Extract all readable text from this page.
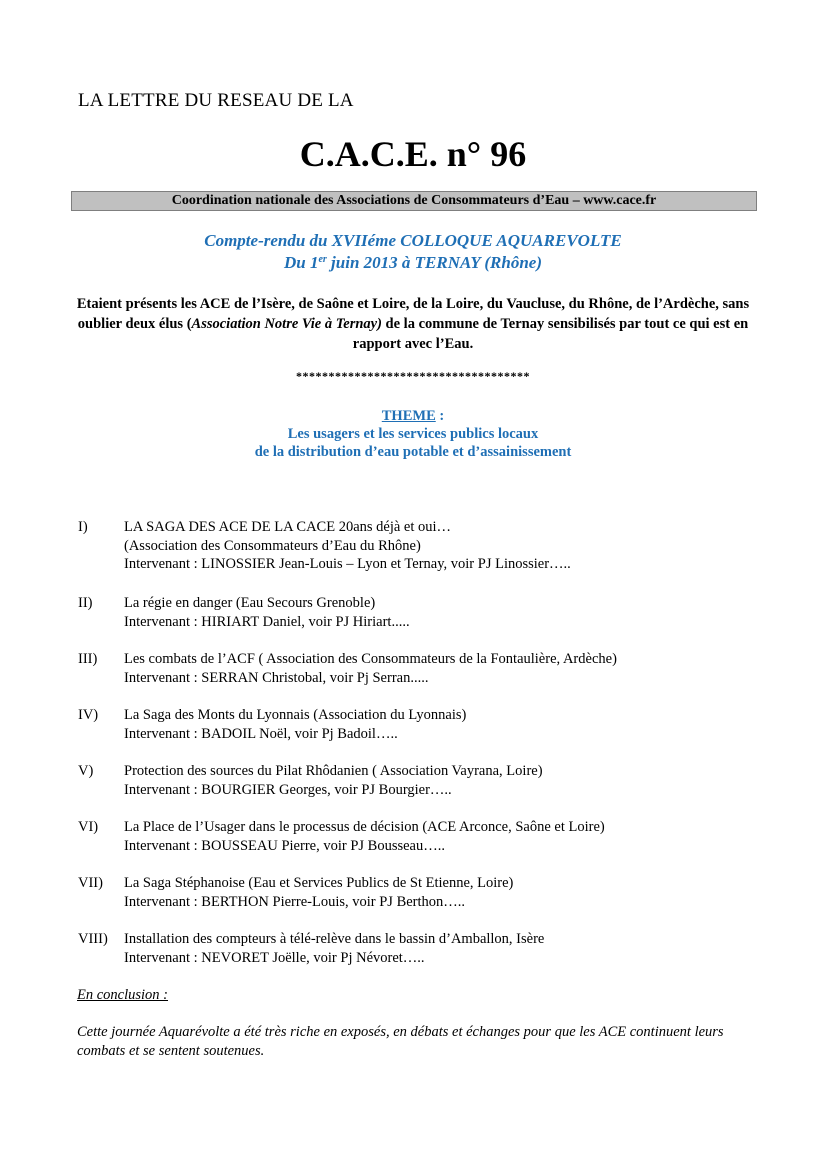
LA LETTRE DU RESEAU DE LA
C.A.C.E. n° 96
Coordination nationale des Associations de Consommateurs d’Eau – www.cace.fr
Compte-rendu du XVIIéme COLLOQUE AQUAREVOLTE
Du 1er juin 2013 à TERNAY (Rhône)
Etaient présents les ACE de l’Isère, de Saône et Loire, de la Loire, du Vaucluse, du Rhône, de l’Ardèche, sans oublier deux élus (Association Notre Vie à Ternay) de la commune de Ternay sensibilisés par tout ce qui est en rapport avec l’Eau.
************************************
THEME :
Les usagers et les services publics locaux
de la distribution d’eau potable et d’assainissement
I)	LA SAGA DES ACE DE LA CACE 20ans déjà et oui…
(Association des Consommateurs d’Eau du Rhône)
Intervenant : LINOSSIER Jean-Louis – Lyon et Ternay, voir PJ Linossier…..
II) La régie en danger (Eau Secours Grenoble)
Intervenant : HIRIART Daniel, voir PJ Hiriart.....
III) Les combats de l’ACF ( Association des Consommateurs de la Fontaulière, Ardèche)
Intervenant : SERRAN Christobal, voir Pj Serran.....
IV) La Saga des Monts du Lyonnais (Association du Lyonnais)
Intervenant : BADOIL Noël, voir Pj Badoil…..
V) Protection des sources du Pilat Rhôdanien ( Association Vayrana, Loire)
Intervenant : BOURGIER Georges, voir PJ Bourgier…..
VI) La Place de l’Usager dans le processus de décision (ACE Arconce, Saône et Loire)
Intervenant : BOUSSEAU Pierre, voir PJ Bousseau…..
VII) La Saga Stéphanoise (Eau et Services Publics de St Etienne, Loire)
Intervenant : BERTHON Pierre-Louis, voir PJ Berthon…..
VIII) Installation des compteurs à télé-relève dans le bassin d’Amballon, Isère
Intervenant : NEVORET Joëlle, voir Pj Névoret…..
En conclusion :
Cette journée Aquarévolte a été très riche en exposés, en débats et échanges pour que les ACE continuent leurs combats et se sentent soutenues.
